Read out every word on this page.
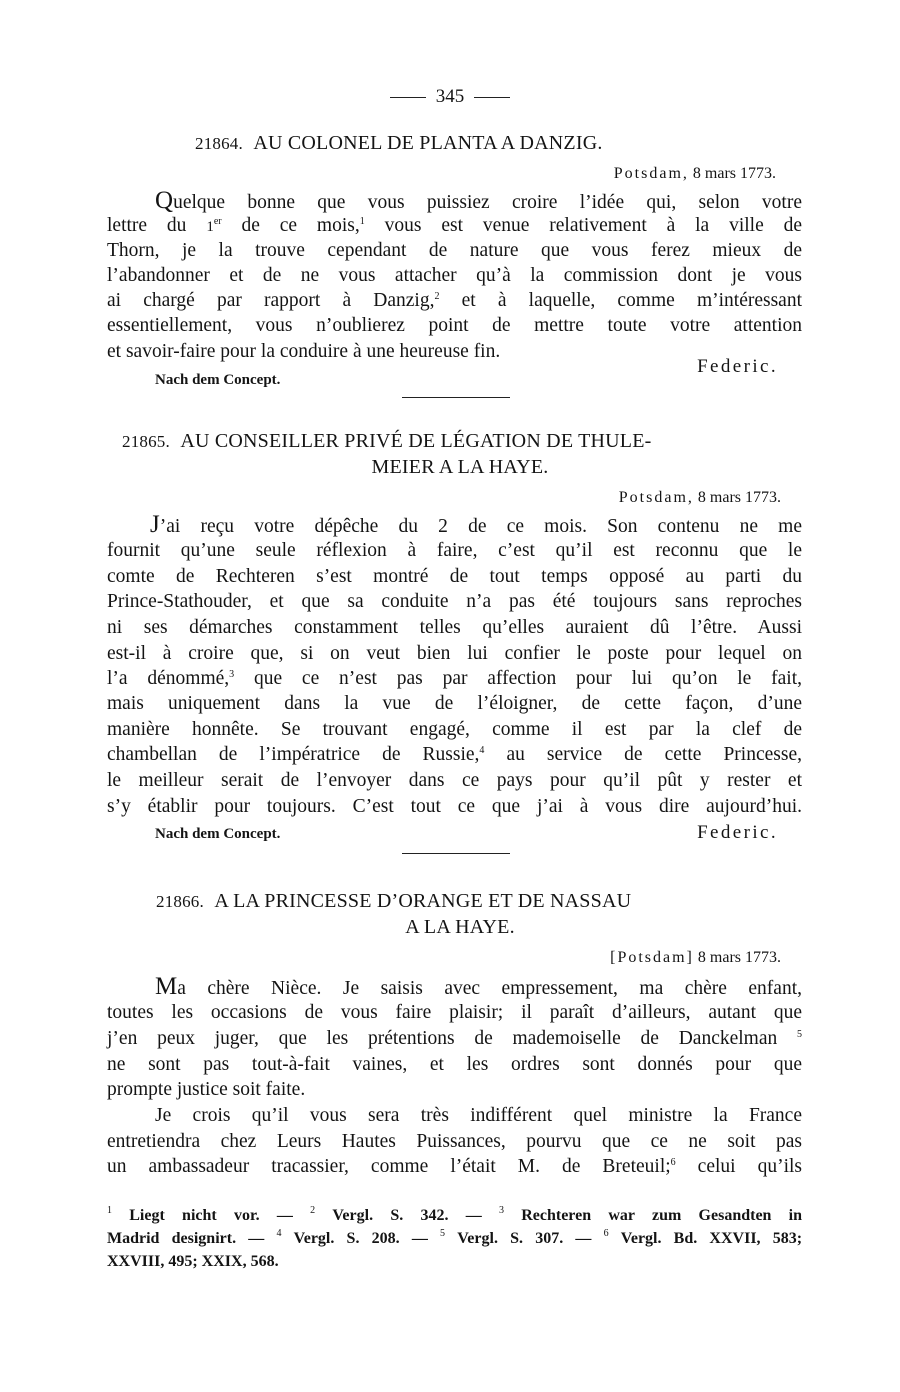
345
21864. AU COLONEL DE PLANTA A DANZIG.
Potsdam, 8 mars 1773.
Quelque bonne que vous puissiez croire l’idée qui, selon votre
lettre du 1er de ce mois,$^1$ vous est venue relativement à la ville de
Thorn, je la trouve cependant de nature que vous ferez mieux de
l’abandonner et de ne vous attacher qu’à la commission dont je vous
ai chargé par rapport à Danzig,$^2$ et à laquelle, comme m’intéressant
essentiellement, vous n’oublierez point de mettre toute votre attention
et savoir-faire pour la conduire à une heureuse fin.
Nach dem Concept.
Federic.
21865. AU CONSEILLER PRIVÉ DE LÉGATION DE THULE-
MEIER A LA HAYE.
Potsdam, 8 mars 1773.
J’ai reçu votre dépêche du 2 de ce mois. Son contenu ne me
fournit qu’une seule réflexion à faire, c’est qu’il est reconnu que le
comte de Rechteren s’est montré de tout temps opposé au parti du
Prince-Stathouder, et que sa conduite n’a pas été toujours sans reproches
ni ses démarches constamment telles qu’elles auraient dû l’être. Aussi
est-il à croire que, si on veut bien lui confier le poste pour lequel on
l’a dénommé,$^3$ que ce n’est pas par affection pour lui qu’on le fait,
mais uniquement dans la vue de l’éloigner, de cette façon, d’une
manière honnête. Se trouvant engagé, comme il est par la clef de
chambellan de l’impératrice de Russie,$^4$ au service de cette Princesse,
le meilleur serait de l’envoyer dans ce pays pour qu’il pût y rester et
s’y établir pour toujours. C’est tout ce que j’ai à vous dire aujourd’hui.
Nach dem Concept.	Federic.
21866. A LA PRINCESSE D’ORANGE ET DE NASSAU
A LA HAYE.
[Potsdam] 8 mars 1773.
Ma chère Nièce. Je saisis avec empressement, ma chère enfant,
toutes les occasions de vous faire plaisir; il paraît d’ailleurs, autant que
j’en peux juger, que les prétentions de mademoiselle de Danckelman $^5$
ne sont pas tout-à-fait vaines, et les ordres sont donnés pour que
prompte justice soit faite.
Je crois qu’il vous sera très indifférent quel ministre la France
entretiendra chez Leurs Hautes Puissances, pourvu que ce ne soit pas
un ambassadeur tracassier, comme l’était M. de Breteuil;$^6$ celui qu’ils
$^1$ Liegt nicht vor. — $^2$ Vergl. S. 342. — $^3$ Rechteren war zum Gesandten in
Madrid designirt. — $^4$ Vergl. S. 208. — $^5$ Vergl. S. 307. — $^6$ Vergl. Bd. XXVII, 583;
XXVIII, 495; XXIX, 568.
